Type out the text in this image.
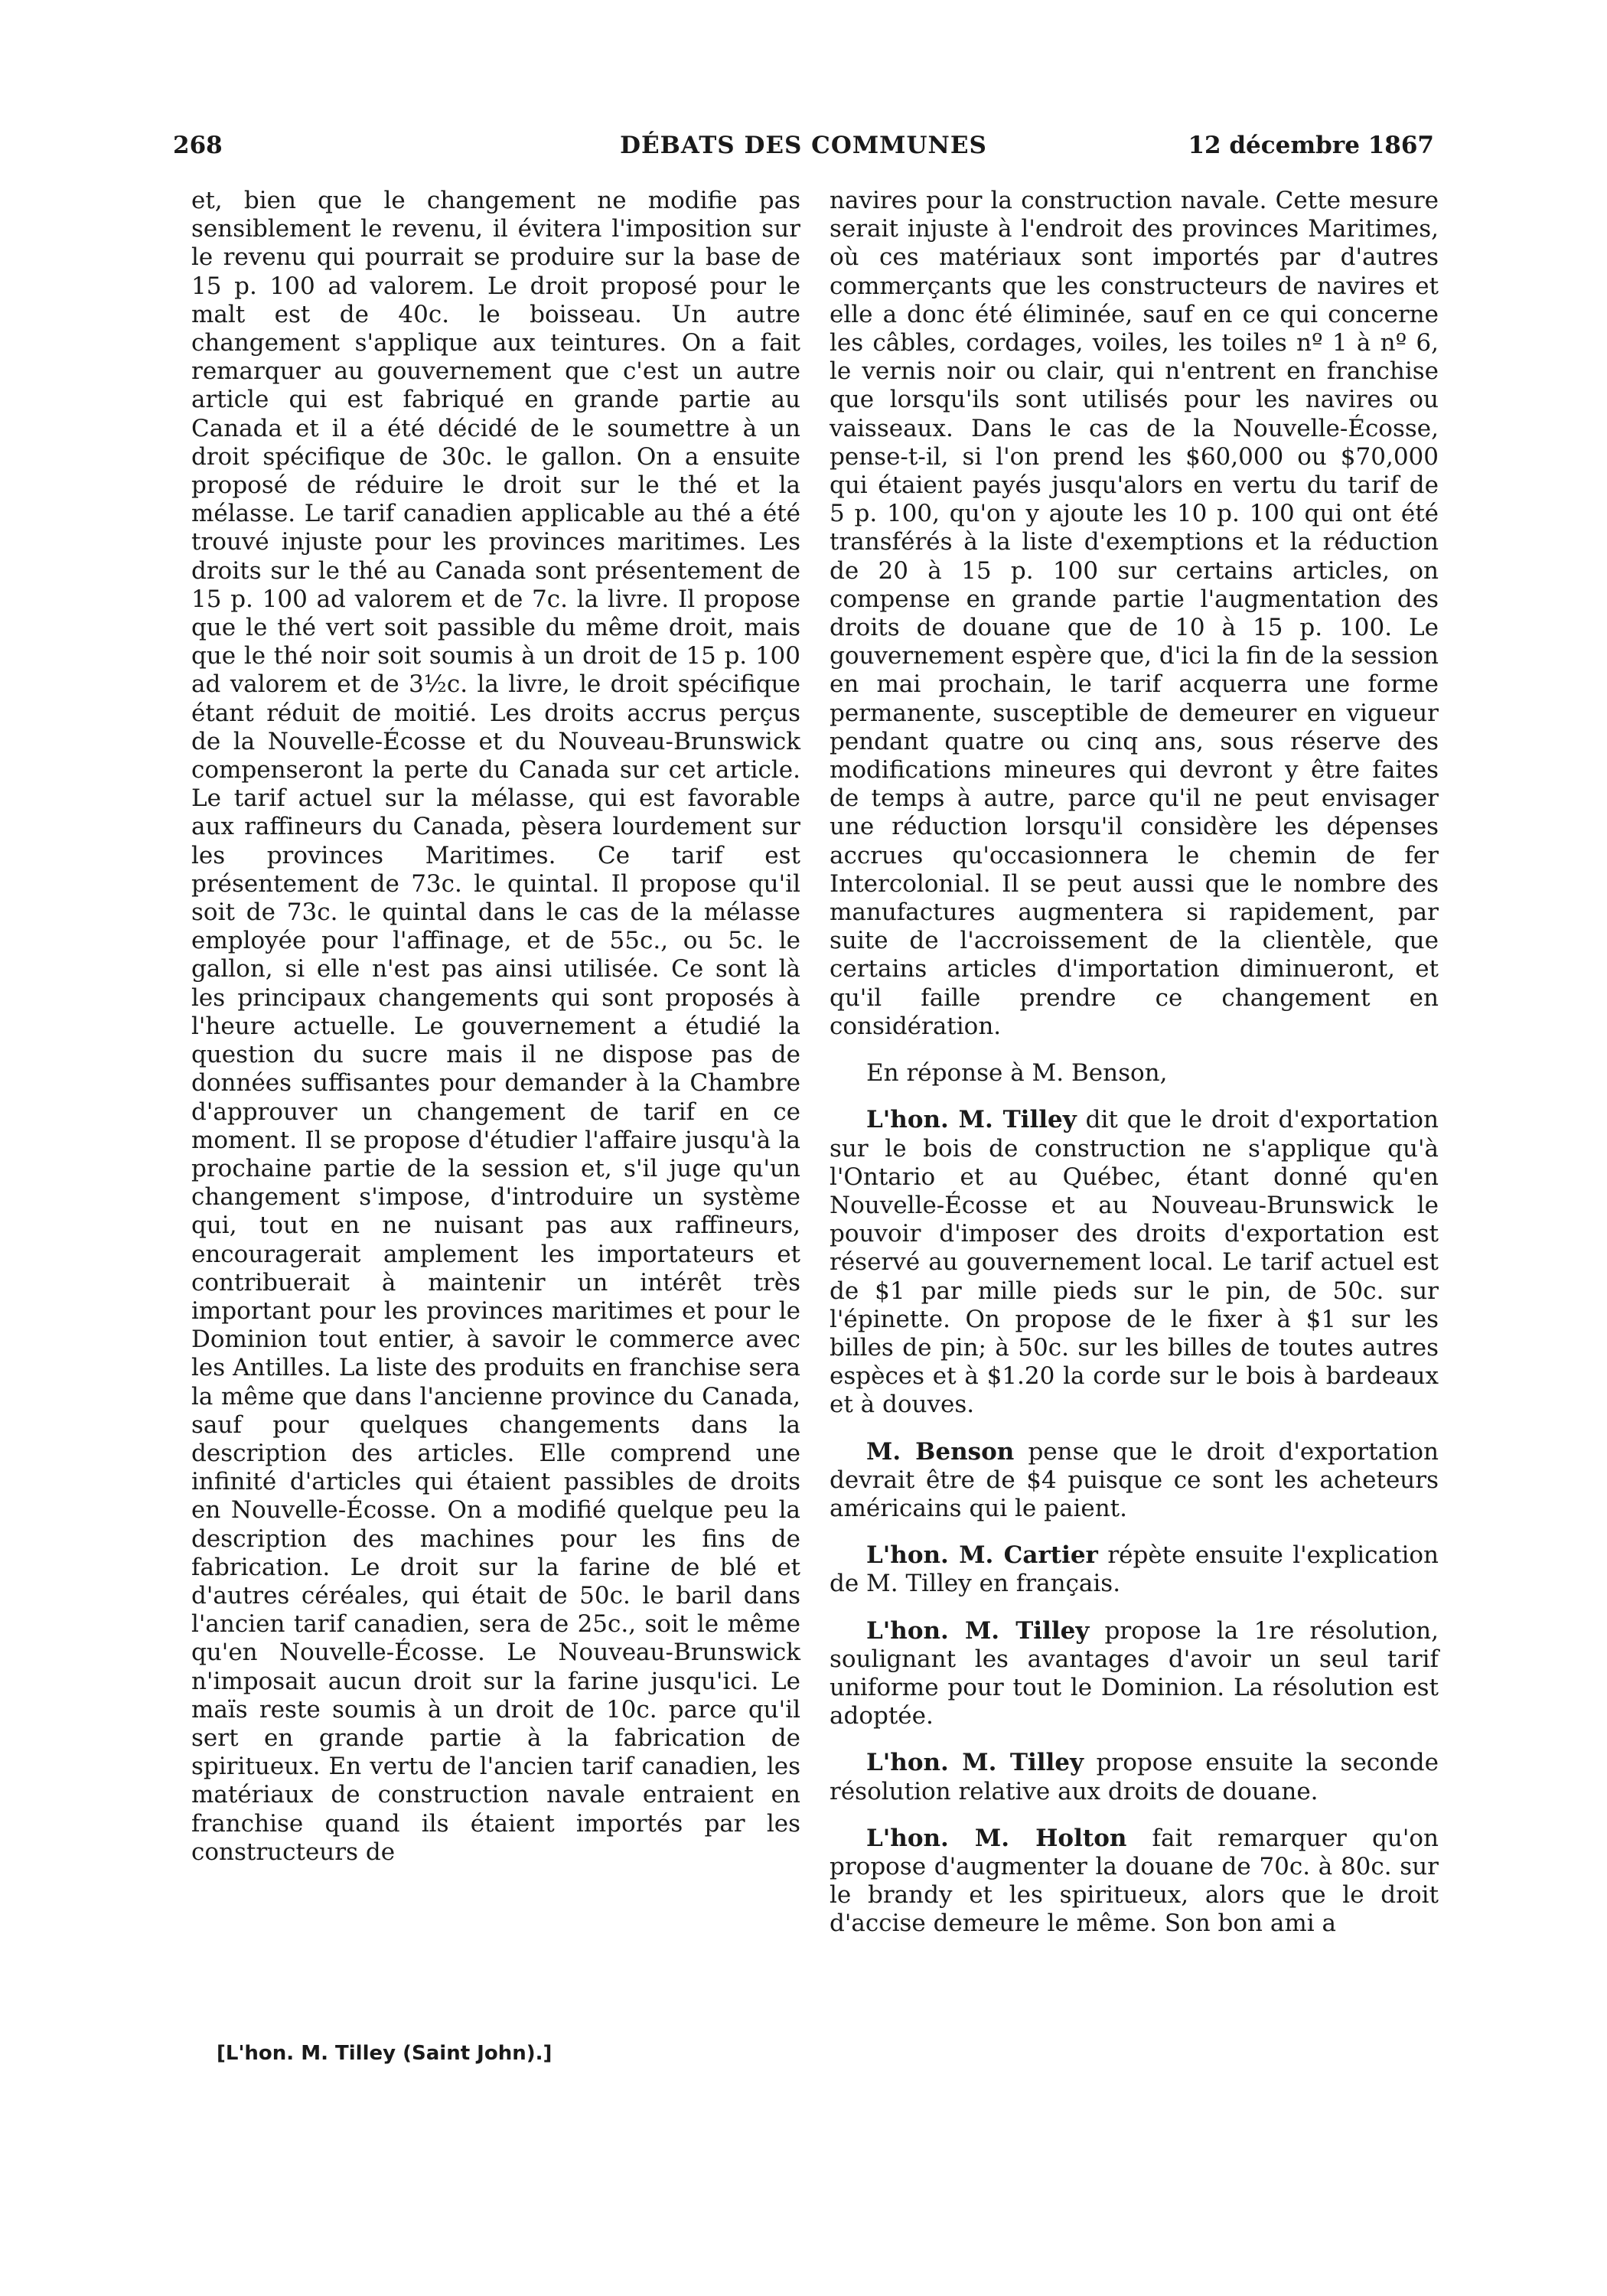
268	DÉBATS DES COMMUNES	12 décembre 1867

et, bien que le changement ne modifie pas sensiblement le revenu, il évitera l'imposition sur le revenu qui pourrait se produire sur la base de 15 p. 100 ad valorem. Le droit proposé pour le malt est de 40c. le boisseau. Un autre changement s'applique aux teintures. On a fait remarquer au gouvernement que c'est un autre article qui est fabriqué en grande partie au Canada et il a été décidé de le soumettre à un droit spécifique de 30c. le gallon. On a ensuite proposé de réduire le droit sur le thé et la mélasse. Le tarif canadien applicable au thé a été trouvé injuste pour les provinces maritimes. Les droits sur le thé au Canada sont présentement de 15 p. 100 ad valorem et de 7c. la livre. Il propose que le thé vert soit passible du même droit, mais que le thé noir soit soumis à un droit de 15 p. 100 ad valorem et de 3½c. la livre, le droit spécifique étant réduit de moitié. Les droits accrus perçus de la Nouvelle-Écosse et du Nouveau-Brunswick compenseront la perte du Canada sur cet article. Le tarif actuel sur la mélasse, qui est favorable aux raffineurs du Canada, pèsera lourdement sur les provinces Maritimes. Ce tarif est présentement de 73c. le quintal. Il propose qu'il soit de 73c. le quintal dans le cas de la mélasse employée pour l'affinage, et de 55c., ou 5c. le gallon, si elle n'est pas ainsi utilisée. Ce sont là les principaux changements qui sont proposés à l'heure actuelle. Le gouvernement a étudié la question du sucre mais il ne dispose pas de données suffisantes pour demander à la Chambre d'approuver un changement de tarif en ce moment. Il se propose d'étudier l'affaire jusqu'à la prochaine partie de la session et, s'il juge qu'un changement s'impose, d'introduire un système qui, tout en ne nuisant pas aux raffineurs, encouragerait amplement les importateurs et contribuerait à maintenir un intérêt très important pour les provinces maritimes et pour le Dominion tout entier, à savoir le commerce avec les Antilles. La liste des produits en franchise sera la même que dans l'ancienne province du Canada, sauf pour quelques changements dans la description des articles. Elle comprend une infinité d'articles qui étaient passibles de droits en Nouvelle-Écosse. On a modifié quelque peu la description des machines pour les fins de fabrication. Le droit sur la farine de blé et d'autres céréales, qui était de 50c. le baril dans l'ancien tarif canadien, sera de 25c., soit le même qu'en Nouvelle-Écosse. Le Nouveau-Brunswick n'imposait aucun droit sur la farine jusqu'ici. Le maïs reste soumis à un droit de 10c. parce qu'il sert en grande partie à la fabrication de spiritueux. En vertu de l'ancien tarif canadien, les matériaux de construction navale entraient en franchise quand ils étaient importés par les constructeurs de

navires pour la construction navale. Cette mesure serait injuste à l'endroit des provinces Maritimes, où ces matériaux sont importés par d'autres commerçants que les constructeurs de navires et elle a donc été éliminée, sauf en ce qui concerne les câbles, cordages, voiles, les toiles nº 1 à nº 6, le vernis noir ou clair, qui n'entrent en franchise que lorsqu'ils sont utilisés pour les navires ou vaisseaux. Dans le cas de la Nouvelle-Écosse, pense-t-il, si l'on prend les $60,000 ou $70,000 qui étaient payés jusqu'alors en vertu du tarif de 5 p. 100, qu'on y ajoute les 10 p. 100 qui ont été transférés à la liste d'exemptions et la réduction de 20 à 15 p. 100 sur certains articles, on compense en grande partie l'augmentation des droits de douane que de 10 à 15 p. 100. Le gouvernement espère que, d'ici la fin de la session en mai prochain, le tarif acquerra une forme permanente, susceptible de demeurer en vigueur pendant quatre ou cinq ans, sous réserve des modifications mineures qui devront y être faites de temps à autre, parce qu'il ne peut envisager une réduction lorsqu'il considère les dépenses accrues qu'occasionnera le chemin de fer Intercolonial. Il se peut aussi que le nombre des manufactures augmentera si rapidement, par suite de l'accroissement de la clientèle, que certains articles d'importation diminueront, et qu'il faille prendre ce changement en considération.

En réponse à M. Benson,

L'hon. M. Tilley dit que le droit d'exportation sur le bois de construction ne s'applique qu'à l'Ontario et au Québec, étant donné qu'en Nouvelle-Écosse et au Nouveau-Brunswick le pouvoir d'imposer des droits d'exportation est réservé au gouvernement local. Le tarif actuel est de $1 par mille pieds sur le pin, de 50c. sur l'épinette. On propose de le fixer à $1 sur les billes de pin; à 50c. sur les billes de toutes autres espèces et à $1.20 la corde sur le bois à bardeaux et à douves.

M. Benson pense que le droit d'exportation devrait être de $4 puisque ce sont les acheteurs américains qui le paient.

L'hon. M. Cartier répète ensuite l'explication de M. Tilley en français.

L'hon. M. Tilley propose la 1re résolution, soulignant les avantages d'avoir un seul tarif uniforme pour tout le Dominion. La résolution est adoptée.

L'hon. M. Tilley propose ensuite la seconde résolution relative aux droits de douane.

L'hon. M. Holton fait remarquer qu'on propose d'augmenter la douane de 70c. à 80c. sur le brandy et les spiritueux, alors que le droit d'accise demeure le même. Son bon ami a

[L'hon. M. Tilley (Saint John).]
